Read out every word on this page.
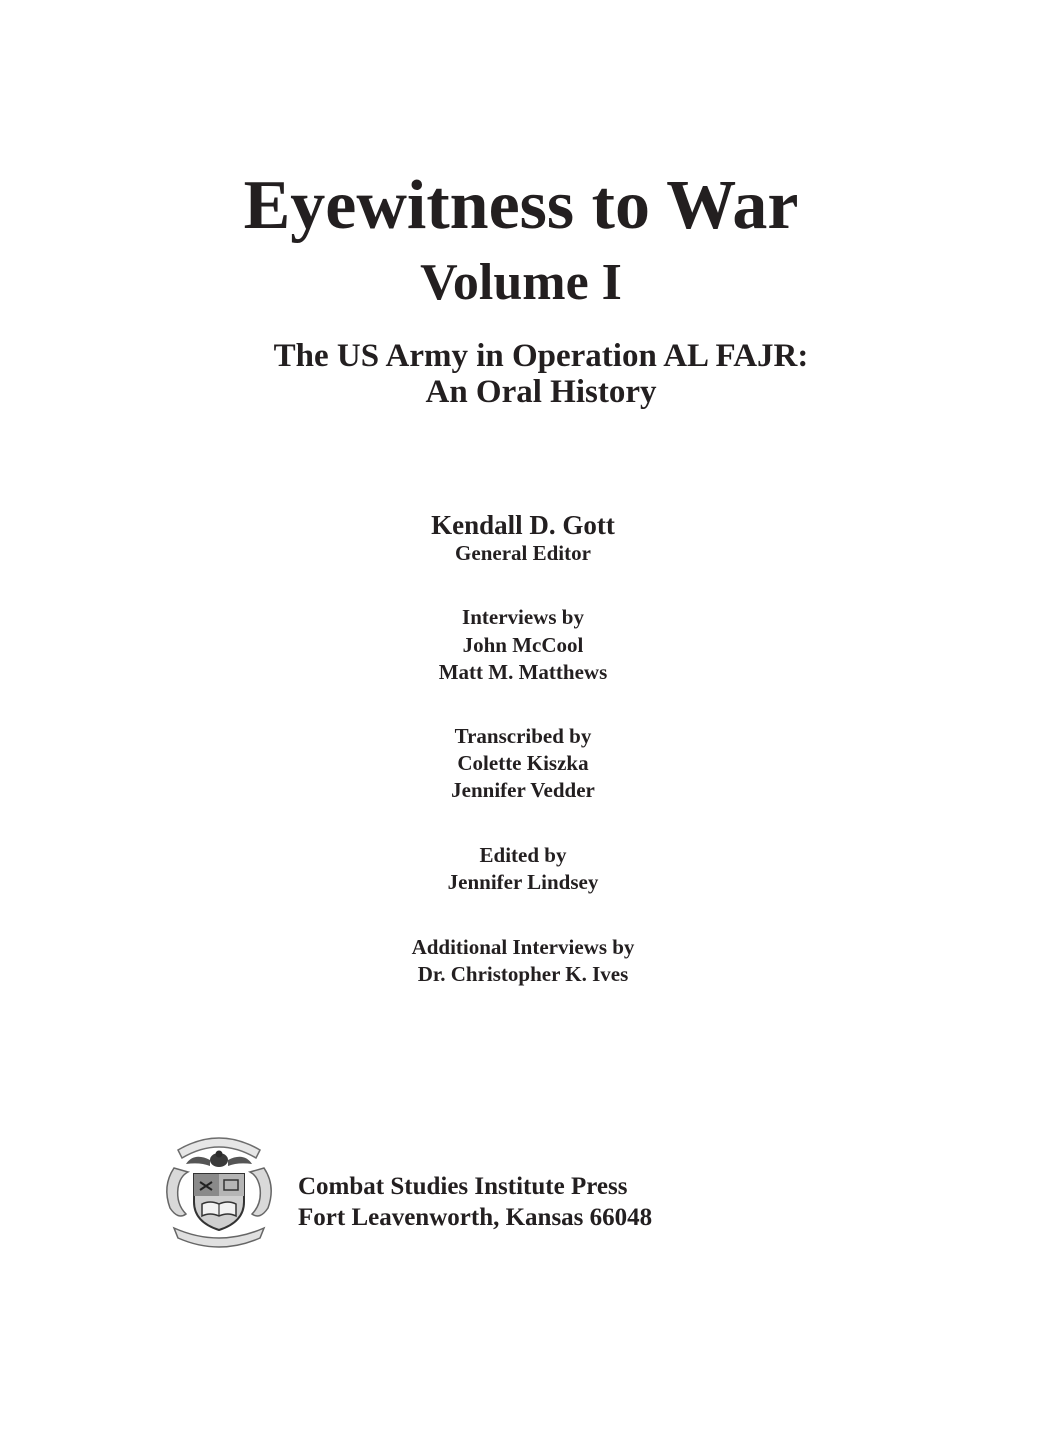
Eyewitness to War
Volume I
The US Army in Operation AL FAJR:
An Oral History
Kendall D. Gott
General Editor
Interviews by
John McCool
Matt M. Matthews
Transcribed by
Colette Kiszka
Jennifer Vedder
Edited by
Jennifer Lindsey
Additional Interviews by
Dr. Christopher K. Ives
Combat Studies Institute Press
Fort Leavenworth, Kansas 66048
